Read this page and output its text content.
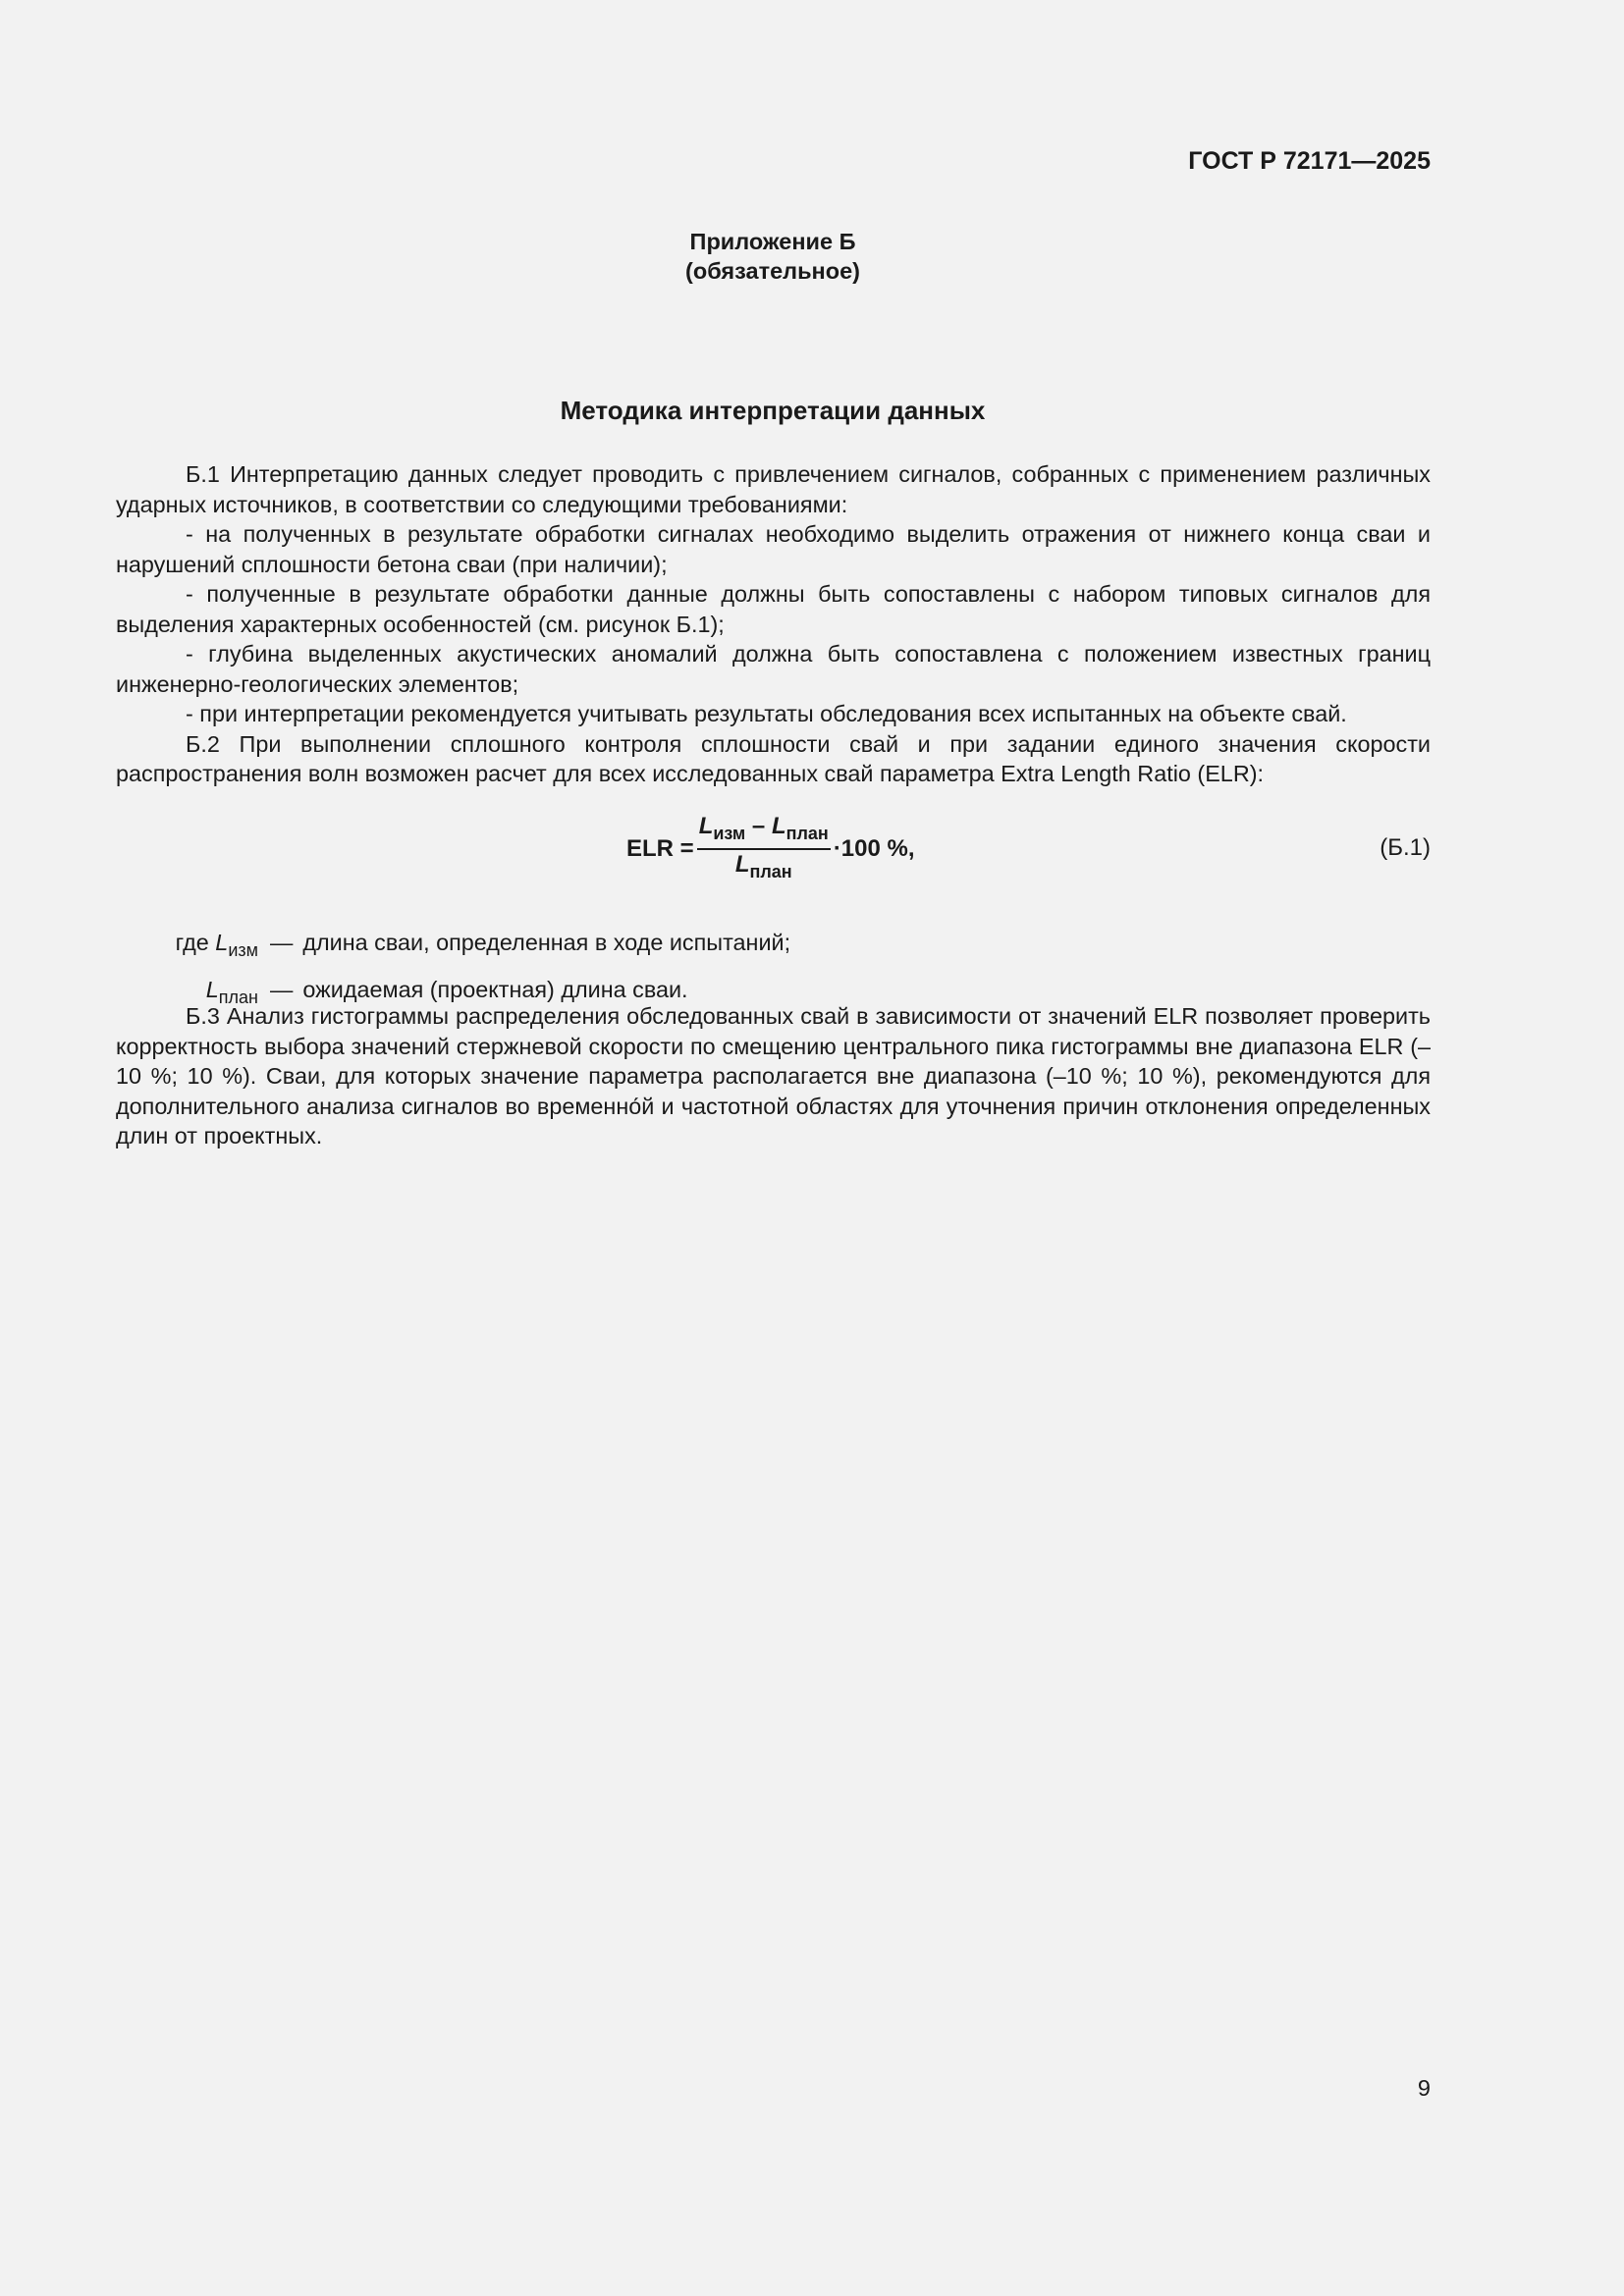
ГОСТ Р 72171—2025
Приложение Б
(обязательное)
Методика интерпретации данных

Б.1 Интерпретацию данных следует проводить с привлечением сигналов, собранных с применением различных ударных источников, в соответствии со следующими требованиями:

- на полученных в результате обработки сигналах необходимо выделить отражения от нижнего конца сваи и нарушений сплошности бетона сваи (при наличии);

- полученные в результате обработки данные должны быть сопоставлены с набором типовых сигналов для выделения характерных особенностей (см. рисунок Б.1);

- глубина выделенных акустических аномалий должна быть сопоставлена с положением известных границ инженерно-геологических элементов;

- при интерпретации рекомендуется учитывать результаты обследования всех испытанных на объекте свай.

Б.2 При выполнении сплошного контроля сплошности свай и при задании единого значения скорости распространения волн возможен расчет для всех исследованных свай параметра Extra Length Ratio (ELR):

ELR = $\frac{L_{изм} - L_{план}}{L_{план}} \cdot 100$ %,	(Б.1)
где $L_{изм}$ — длина сваи, определенная в ходе испытаний;
$L_{план}$ — ожидаемая (проектная) длина сваи.

Б.3 Анализ гистограммы распределения обследованных свай в зависимости от значений ELR позволяет проверить корректность выбора значений стержневой скорости по смещению центрального пика гистограммы вне диапазона ELR (–10 %; 10 %). Сваи, для которых значение параметра располагается вне диапазона (–10 %; 10 %), рекомендуются для дополнительного анализа сигналов во временно́й и частотной областях для уточнения причин отклонения определенных длин от проектных.

9
